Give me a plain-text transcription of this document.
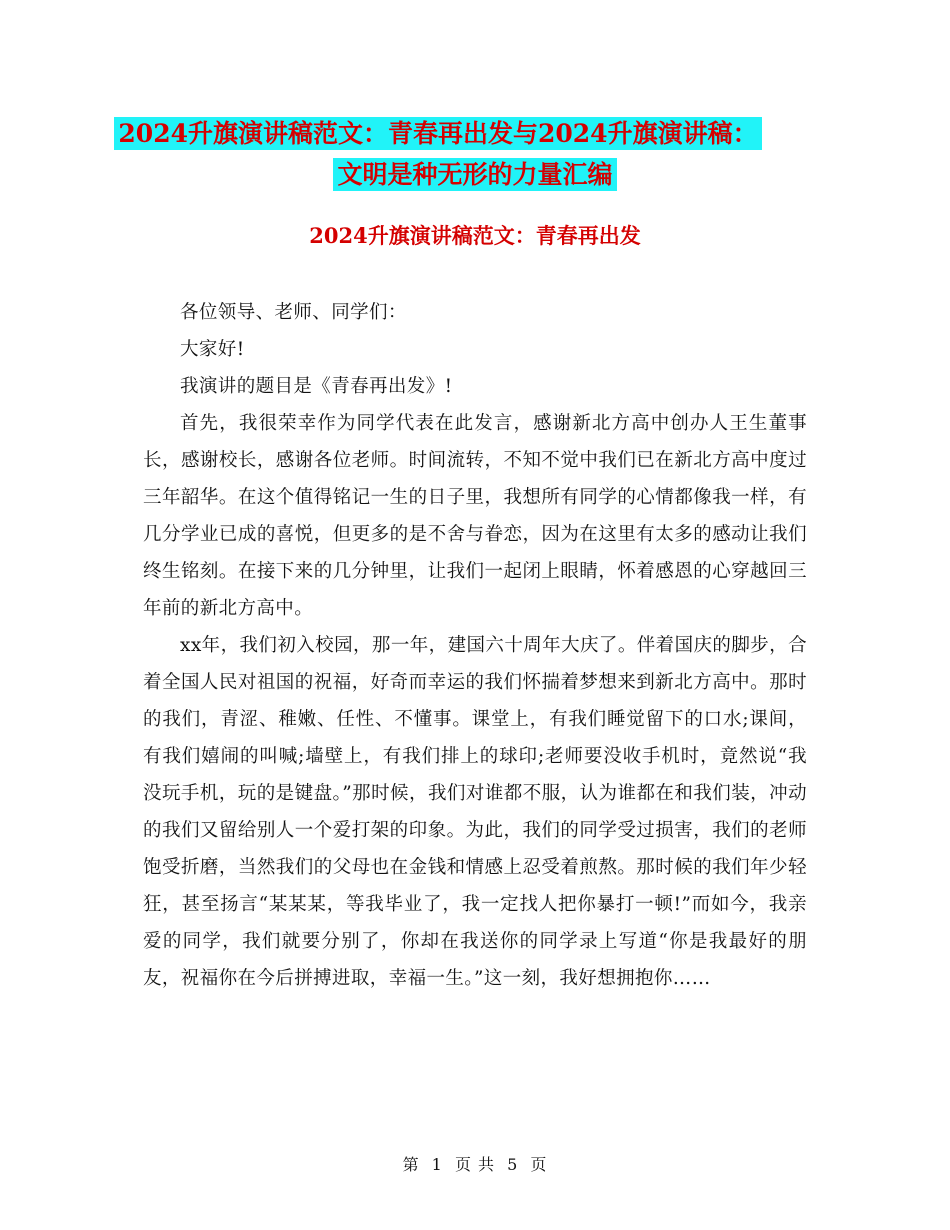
2024升旗演讲稿范文：青春再出发与2024升旗演讲稿：
文明是种无形的力量汇编
2024升旗演讲稿范文：青春再出发

各位领导、老师、同学们：

大家好!

我演讲的题目是《青春再出发》!

首先，我很荣幸作为同学代表在此发言，感谢新北方高中创办人王生董事长，感谢校长，感谢各位老师。时间流转，不知不觉中我们已在新北方高中度过三年韶华。在这个值得铭记一生的日子里，我想所有同学的心情都像我一样，有几分学业已成的喜悦，但更多的是不舍与眷恋，因为在这里有太多的感动让我们终生铭刻。在接下来的几分钟里，让我们一起闭上眼睛，怀着感恩的心穿越回三年前的新北方高中。

xx年，我们初入校园，那一年，建国六十周年大庆了。伴着国庆的脚步，合着全国人民对祖国的祝福，好奇而幸运的我们怀揣着梦想来到新北方高中。那时的我们，青涩、稚嫩、任性、不懂事。课堂上，有我们睡觉留下的口水;课间，有我们嬉闹的叫喊;墙壁上，有我们排上的球印;老师要没收手机时，竟然说“我没玩手机，玩的是键盘。”那时候，我们对谁都不服，认为谁都在和我们装，冲动的我们又留给别人一个爱打架的印象。为此，我们的同学受过损害，我们的老师饱受折磨，当然我们的父母也在金钱和情感上忍受着煎熬。那时候的我们年少轻狂，甚至扬言“某某某，等我毕业了，我一定找人把你暴打一顿!”而如今，我亲爱的同学，我们就要分别了，你却在我送你的同学录上写道“你是我最好的朋友，祝福你在今后拼搏进取，幸福一生。”这一刻，我好想拥抱你……

第 1 页 共 5 页
